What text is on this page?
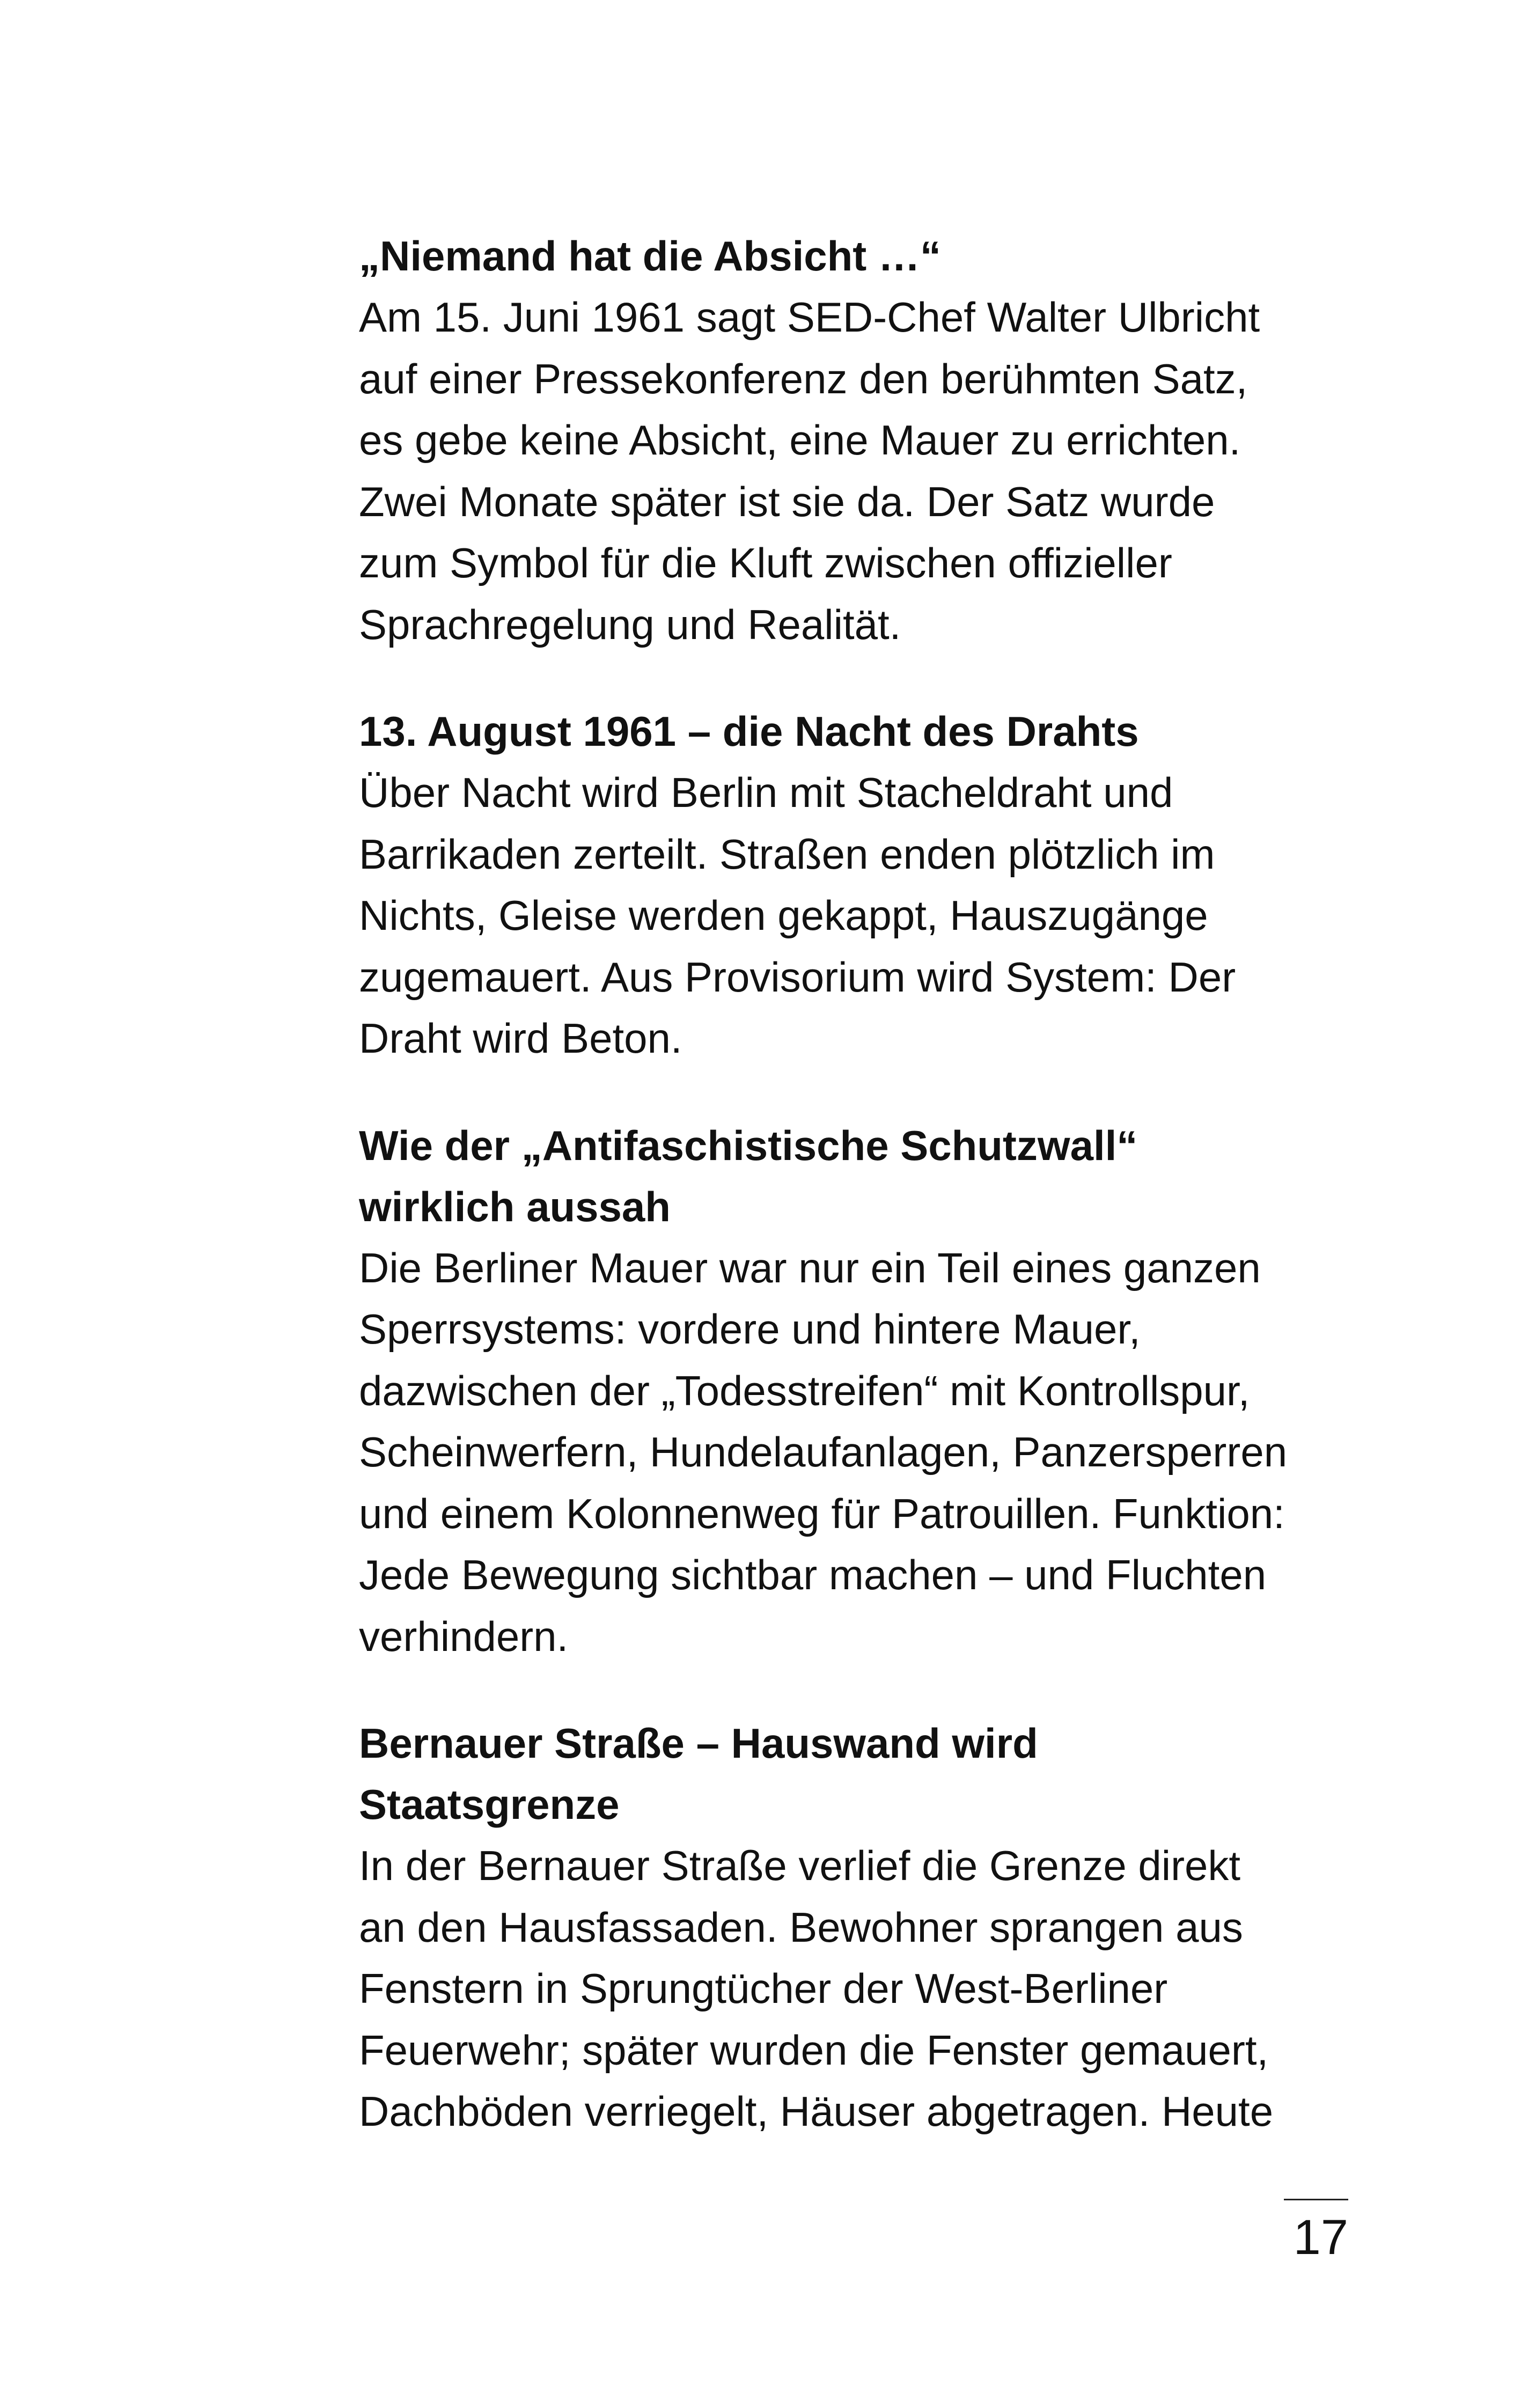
„Niemand hat die Absicht …“

Am 15. Juni 1961 sagt SED-Chef Walter Ulbricht

auf einer Pressekonferenz den berühmten Satz,

es gebe keine Absicht, eine Mauer zu errichten.

Zwei Monate später ist sie da. Der Satz wurde

zum Symbol für die Kluft zwischen offizieller

Sprachregelung und Realität.

13. August 1961 – die Nacht des Drahts

Über Nacht wird Berlin mit Stacheldraht und

Barrikaden zerteilt. Straßen enden plötzlich im

Nichts, Gleise werden gekappt, Hauszugänge

zugemauert. Aus Provisorium wird System: Der

Draht wird Beton.

Wie der „Antifaschistische Schutzwall“

wirklich aussah

Die Berliner Mauer war nur ein Teil eines ganzen

Sperrsystems: vordere und hintere Mauer,

dazwischen der „Todesstreifen“ mit Kontrollspur,

Scheinwerfern, Hundelaufanlagen, Panzersperren

und einem Kolonnenweg für Patrouillen. Funktion:

Jede Bewegung sichtbar machen – und Fluchten

verhindern.

Bernauer Straße – Hauswand wird

Staatsgrenze

In der Bernauer Straße verlief die Grenze direkt

an den Hausfassaden. Bewohner sprangen aus

Fenstern in Sprungtücher der West-Berliner

Feuerwehr; später wurden die Fenster gemauert,

Dachböden verriegelt, Häuser abgetragen. Heute

17
